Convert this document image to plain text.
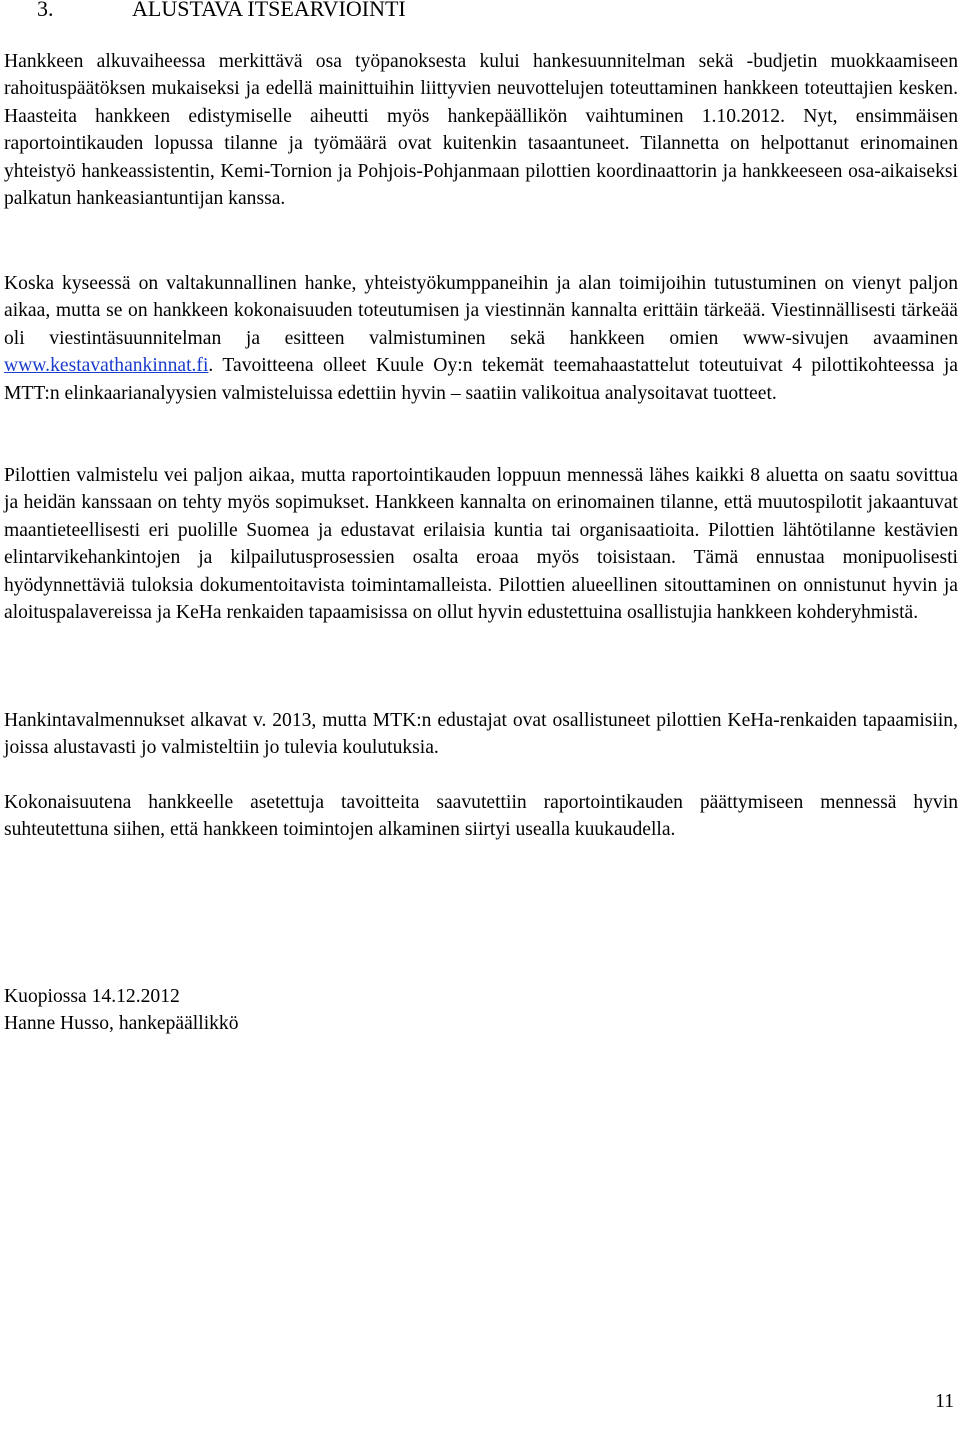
3.	ALUSTAVA ITSEARVIOINTI

Hankkeen alkuvaiheessa merkittävä osa työpanoksesta kului hankesuunnitelman sekä -budjetin muokkaamiseen rahoituspäätöksen mukaiseksi ja edellä mainittuihin liittyvien neuvottelujen toteuttaminen hankkeen toteuttajien kesken. Haasteita hankkeen edistymiselle aiheutti myös hankepäällikön vaihtuminen 1.10.2012. Nyt, ensimmäisen raportointikauden lopussa tilanne ja työmäärä ovat kuitenkin tasaantuneet. Tilannetta on helpottanut erinomainen yhteistyö hankeassistentin, Kemi-Tornion ja Pohjois-Pohjanmaan pilottien koordinaattorin ja hankkeeseen osa-aikaiseksi palkatun hankeasiantuntijan kanssa.

Koska kyseessä on valtakunnallinen hanke, yhteistyökumppaneihin ja alan toimijoihin tutustuminen on vienyt paljon aikaa, mutta se on hankkeen kokonaisuuden toteutumisen ja viestinnän kannalta erittäin tärkeää. Viestinnällisesti tärkeää oli viestintäsuunnitelman ja esitteen valmistuminen sekä hankkeen omien www-sivujen avaaminen www.kestavathankinnat.fi. Tavoitteena olleet Kuule Oy:n tekemät teemahaastattelut toteutuivat 4 pilottikohteessa ja MTT:n elinkaarianalyysien valmisteluissa edettiin hyvin – saatiin valikoitua analysoitavat tuotteet.

Pilottien valmistelu vei paljon aikaa, mutta raportointikauden loppuun mennessä lähes kaikki 8 aluetta on saatu sovittua ja heidän kanssaan on tehty myös sopimukset. Hankkeen kannalta on erinomainen tilanne, että muutospilotit jakaantuvat maantieteellisesti eri puolille Suomea ja edustavat erilaisia kuntia tai organisaatioita. Pilottien lähtötilanne kestävien elintarvikehankintojen ja kilpailutusprosessien osalta eroaa myös toisistaan. Tämä ennustaa monipuolisesti hyödynnettäviä tuloksia dokumentoitavista toimintamalleista. Pilottien alueellinen sitouttaminen on onnistunut hyvin ja aloituspalavereissa ja KeHa renkaiden tapaamisissa on ollut hyvin edustettuina osallistujia hankkeen kohderyhmistä.

Hankintavalmennukset alkavat v. 2013, mutta MTK:n edustajat ovat osallistuneet pilottien KeHa-renkaiden tapaamisiin, joissa alustavasti jo valmisteltiin jo tulevia koulutuksia.

Kokonaisuutena hankkeelle asetettuja tavoitteita saavutettiin raportointikauden päättymiseen mennessä hyvin suhteutettuna siihen, että hankkeen toimintojen alkaminen siirtyi usealla kuukaudella.

Kuopiossa 14.12.2012
Hanne Husso, hankepäällikkö
11
